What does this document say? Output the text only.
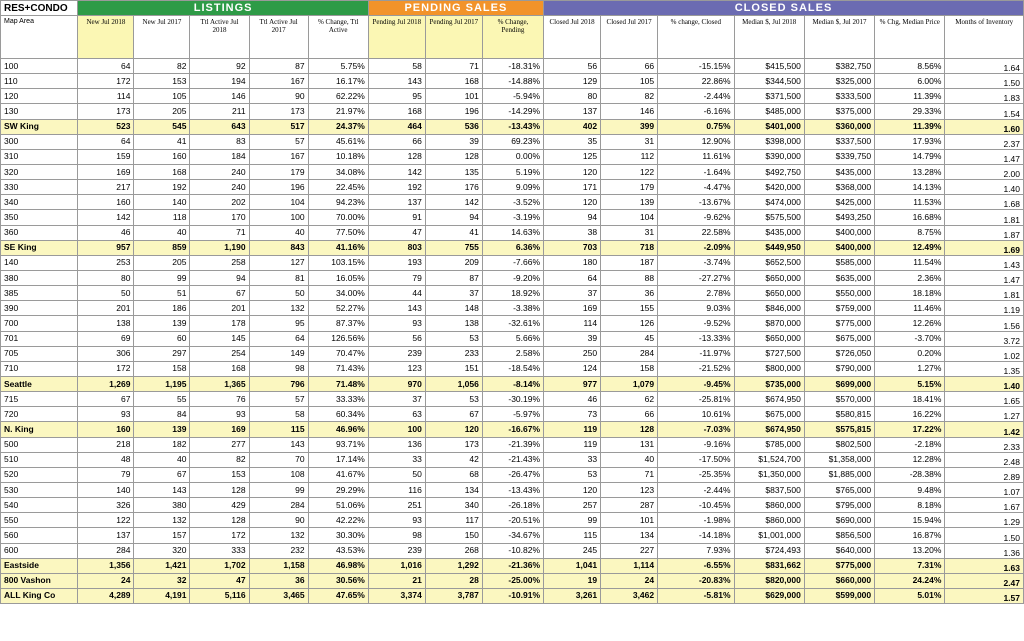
RES+CONDO	LISTINGS					PENDING SALES			CLOSED SALES						
Map Area	New Jul 2018	New Jul 2017	Ttl Active Jul 2018	Ttl Active Jul 2017	% Change, Ttl Active	Pending Jul 2018	Pending Jul 2017	% Change, Pending	Closed Jul 2018	Closed Jul 2017	% change, Closed	Median $, Jul 2018	Median $, Jul 2017	% Chg, Median Price	Months of Inventory
100	64	82	92	87	5.75%	58	71	-18.31%	56	66	-15.15%	$415,500	$382,750	8.56%	1.64
110	172	153	194	167	16.17%	143	168	-14.88%	129	105	22.86%	$344,500	$325,000	6.00%	1.50
120	114	105	146	90	62.22%	95	101	-5.94%	80	82	-2.44%	$371,500	$333,500	11.39%	1.83
130	173	205	211	173	21.97%	168	196	-14.29%	137	146	-6.16%	$485,000	$375,000	29.33%	1.54
SW King	523	545	643	517	24.37%	464	536	-13.43%	402	399	0.75%	$401,000	$360,000	11.39%	1.60
300	64	41	83	57	45.61%	66	39	69.23%	35	31	12.90%	$398,000	$337,500	17.93%	2.37
310	159	160	184	167	10.18%	128	128	0.00%	125	112	11.61%	$390,000	$339,750	14.79%	1.47
320	169	168	240	179	34.08%	142	135	5.19%	120	122	-1.64%	$492,750	$435,000	13.28%	2.00
330	217	192	240	196	22.45%	192	176	9.09%	171	179	-4.47%	$420,000	$368,000	14.13%	1.40
340	160	140	202	104	94.23%	137	142	-3.52%	120	139	-13.67%	$474,000	$425,000	11.53%	1.68
350	142	118	170	100	70.00%	91	94	-3.19%	94	104	-9.62%	$575,500	$493,250	16.68%	1.81
360	46	40	71	40	77.50%	47	41	14.63%	38	31	22.58%	$435,000	$400,000	8.75%	1.87
SE King	957	859	1,190	843	41.16%	803	755	6.36%	703	718	-2.09%	$449,950	$400,000	12.49%	1.69
140	253	205	258	127	103.15%	193	209	-7.66%	180	187	-3.74%	$652,500	$585,000	11.54%	1.43
380	80	99	94	81	16.05%	79	87	-9.20%	64	88	-27.27%	$650,000	$635,000	2.36%	1.47
385	50	51	67	50	34.00%	44	37	18.92%	37	36	2.78%	$650,000	$550,000	18.18%	1.81
390	201	186	201	132	52.27%	143	148	-3.38%	169	155	9.03%	$846,000	$759,000	11.46%	1.19
700	138	139	178	95	87.37%	93	138	-32.61%	114	126	-9.52%	$870,000	$775,000	12.26%	1.56
701	69	60	145	64	126.56%	56	53	5.66%	39	45	-13.33%	$650,000	$675,000	-3.70%	3.72
705	306	297	254	149	70.47%	239	233	2.58%	250	284	-11.97%	$727,500	$726,050	0.20%	1.02
710	172	158	168	98	71.43%	123	151	-18.54%	124	158	-21.52%	$800,000	$790,000	1.27%	1.35
Seattle	1,269	1,195	1,365	796	71.48%	970	1,056	-8.14%	977	1,079	-9.45%	$735,000	$699,000	5.15%	1.40
715	67	55	76	57	33.33%	37	53	-30.19%	46	62	-25.81%	$674,950	$570,000	18.41%	1.65
720	93	84	93	58	60.34%	63	67	-5.97%	73	66	10.61%	$675,000	$580,815	16.22%	1.27
N. King	160	139	169	115	46.96%	100	120	-16.67%	119	128	-7.03%	$674,950	$575,815	17.22%	1.42
500	218	182	277	143	93.71%	136	173	-21.39%	119	131	-9.16%	$785,000	$802,500	-2.18%	2.33
510	48	40	82	70	17.14%	33	42	-21.43%	33	40	-17.50%	$1,524,700	$1,358,000	12.28%	2.48
520	79	67	153	108	41.67%	50	68	-26.47%	53	71	-25.35%	$1,350,000	$1,885,000	-28.38%	2.89
530	140	143	128	99	29.29%	116	134	-13.43%	120	123	-2.44%	$837,500	$765,000	9.48%	1.07
540	326	380	429	284	51.06%	251	340	-26.18%	257	287	-10.45%	$860,000	$795,000	8.18%	1.67
550	122	132	128	90	42.22%	93	117	-20.51%	99	101	-1.98%	$860,000	$690,000	15.94%	1.29
560	137	157	172	132	30.30%	98	150	-34.67%	115	134	-14.18%	$1,001,000	$856,500	16.87%	1.50
600	284	320	333	232	43.53%	239	268	-10.82%	245	227	7.93%	$724,493	$640,000	13.20%	1.36
Eastside	1,356	1,421	1,702	1,158	46.98%	1,016	1,292	-21.36%	1,041	1,114	-6.55%	$831,662	$775,000	7.31%	1.63
800 Vashon	24	32	47	36	30.56%	21	28	-25.00%	19	24	-20.83%	$820,000	$660,000	24.24%	2.47
ALL King Co	4,289	4,191	5,116	3,465	47.65%	3,374	3,787	-10.91%	3,261	3,462	-5.81%	$629,000	$599,000	5.01%	1.57
